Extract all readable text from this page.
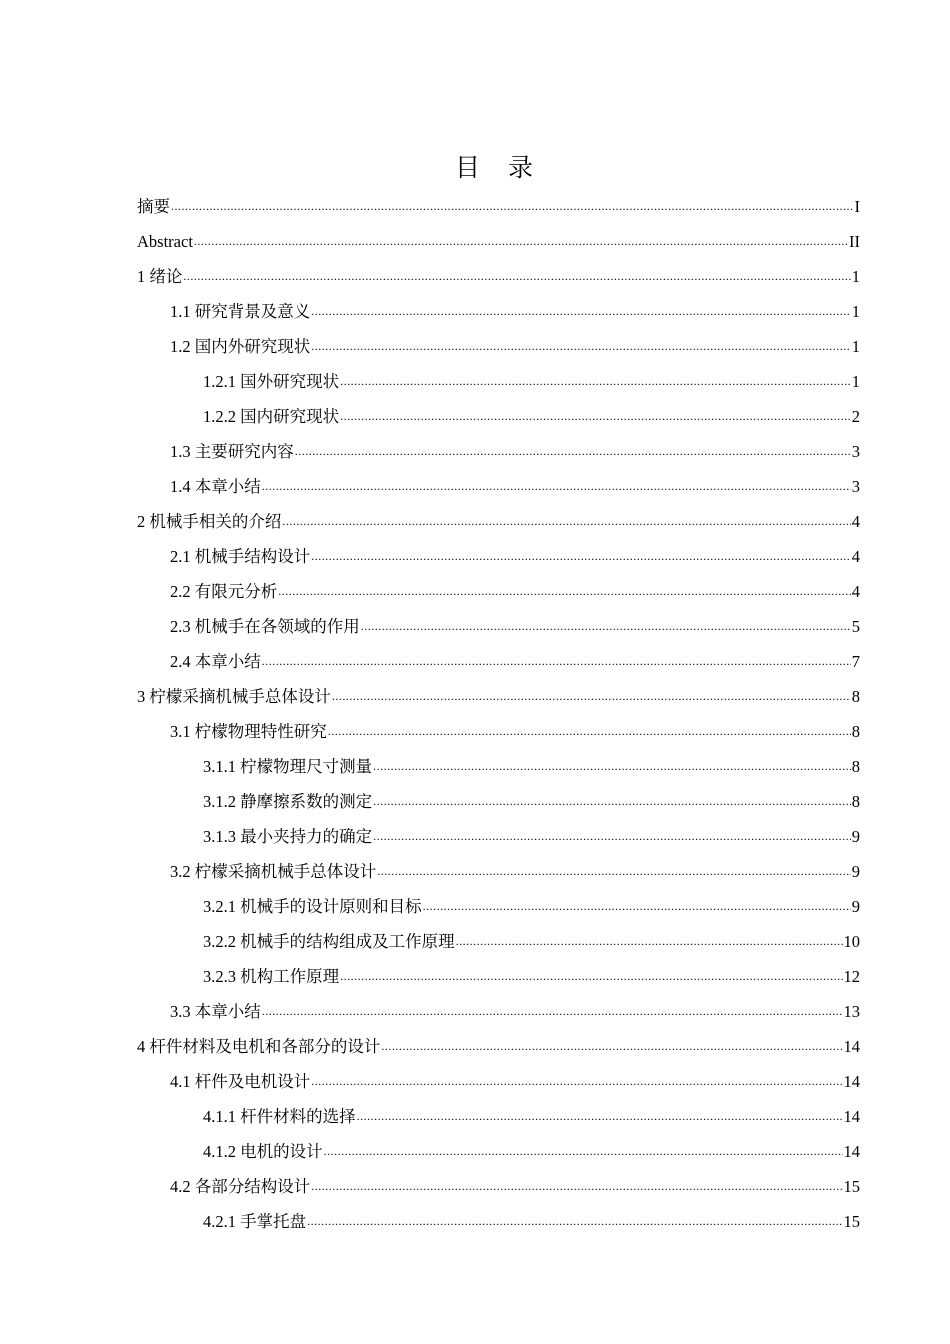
目 录
摘要 .....	I
Abstract .....	II
1 绪论 .....	1
1.1 研究背景及意义 .....	1
1.2 国内外研究现状 .....	1
1.2.1 国外研究现状 .....	1
1.2.2 国内研究现状 .....	2
1.3 主要研究内容 .....	3
1.4 本章小结 .....	3
2 机械手相关的介绍 .....	4
2.1 机械手结构设计 .....	4
2.2 有限元分析 .....	4
2.3 机械手在各领域的作用 .....	5
2.4 本章小结 .....	7
3 柠檬采摘机械手总体设计 .....	8
3.1 柠檬物理特性研究 .....	8
3.1.1 柠檬物理尺寸测量 .....	8
3.1.2 静摩擦系数的测定 .....	8
3.1.3 最小夹持力的确定 .....	9
3.2 柠檬采摘机械手总体设计 .....	9
3.2.1 机械手的设计原则和目标 .....	9
3.2.2 机械手的结构组成及工作原理 .....	10
3.2.3 机构工作原理 .....	12
3.3 本章小结 .....	13
4 杆件材料及电机和各部分的设计 .....	14
4.1 杆件及电机设计 .....	14
4.1.1 杆件材料的选择 .....	14
4.1.2 电机的设计 .....	14
4.2 各部分结构设计 .....	15
4.2.1 手掌托盘 .....	15
